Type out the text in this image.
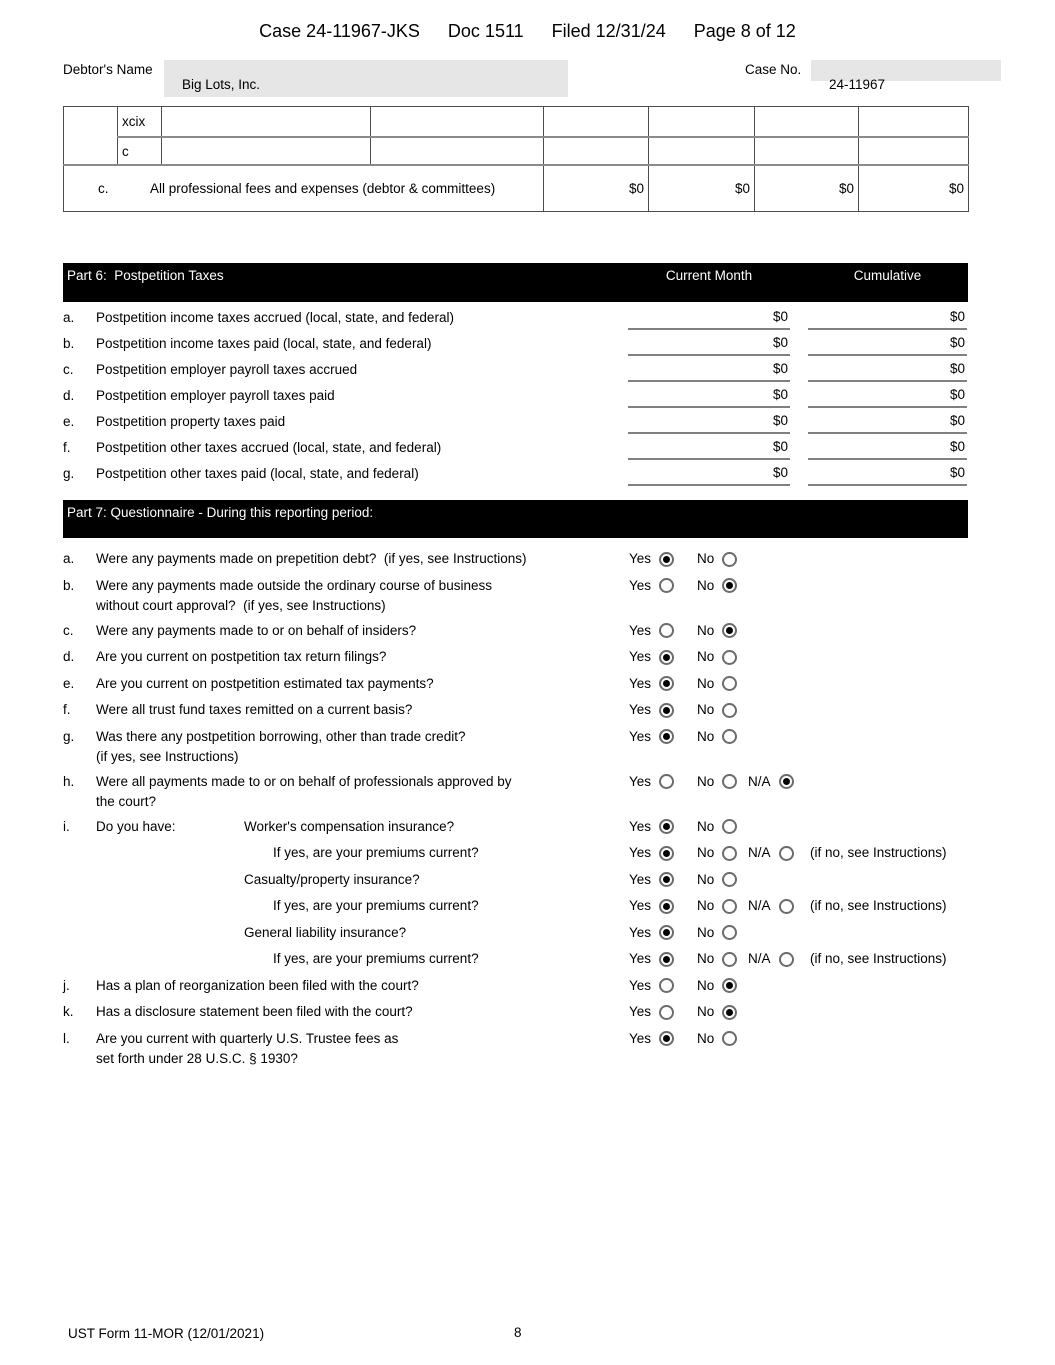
Case 24-11967-JKS Doc 1511 Filed 12/31/24 Page 8 of 12
Debtor's Name

Big Lots, Inc.

Case No.

24-11967

	xcix						
	c						

c. All professional fees and expenses (debtor & committees)				$0	$0	$0	$0
Part 6:  Postpetition Taxes	Current Month	Cumulative
a.	Postpetition income taxes accrued (local, state, and federal)	$0	$0
b.	Postpetition income taxes paid (local, state, and federal)	$0	$0
c.	Postpetition employer payroll taxes accrued	$0	$0
d.	Postpetition employer payroll taxes paid	$0	$0
e.	Postpetition property taxes paid	$0	$0
f.	Postpetition other taxes accrued (local, state, and federal)	$0	$0
g.	Postpetition other taxes paid (local, state, and federal)	$0	$0
Part 7: Questionnaire - During this reporting period:
a.	Were any payments made on prepetition debt?  (if yes, see Instructions)	Yes	No
b.	Were any payments made outside the ordinary course of business
without court approval?  (if yes, see Instructions)
Yes	No
c.	Were any payments made to or on behalf of insiders?	Yes	No
d.	Are you current on postpetition tax return filings?	Yes	No
e.	Are you current on postpetition estimated tax payments?	Yes	No
f.	Were all trust fund taxes remitted on a current basis?	Yes	No
g.	Was there any postpetition borrowing, other than trade credit?
(if yes, see Instructions)
Yes	No
h.	Were all payments made to or on behalf of professionals approved by
the court?
Yes	No N/A
i.	Do you have:	Worker's compensation insurance?	Yes	No
If yes, are your premiums current?	Yes	No N/A	(if no, see Instructions)
Casualty/property insurance?	Yes	No
If yes, are your premiums current?	Yes	No N/A	(if no, see Instructions)
General liability insurance?	Yes	No
If yes, are your premiums current?	Yes	No N/A	(if no, see Instructions)
j.	Has a plan of reorganization been filed with the court?	Yes	No
k.	Has a disclosure statement been filed with the court?	Yes	No
l.	Are you current with quarterly U.S. Trustee fees as
set forth under 28 U.S.C. § 1930?
Yes	No
UST Form 11-MOR (12/01/2021)	8
